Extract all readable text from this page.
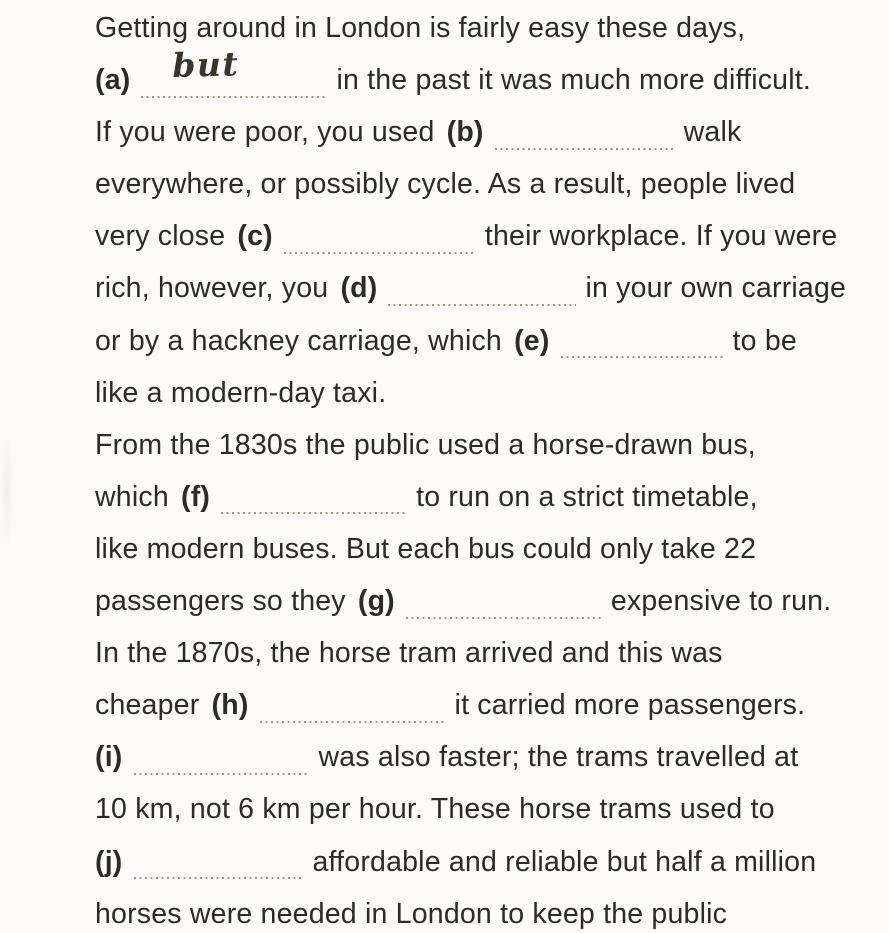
Getting around in London is fairly easy these days,
(a) but	in the past it was much more difficult.
If you were poor, you used (b)	walk
everywhere, or possibly cycle. As a result, people lived
very close (c)	their workplace. If you were
rich, however, you (d)	in your own carriage
or by a hackney carriage, which (e)	to be
like a modern-day taxi.
From the 1830s the public used a horse-drawn bus,
which (f)	to run on a strict timetable,
like modern buses. But each bus could only take 22
passengers so they (g)	expensive to run.
In the 1870s, the horse tram arrived and this was
cheaper (h)	it carried more passengers.
(i)	was also faster; the trams travelled at
10 km, not 6 km per hour. These horse trams used to
(j)	affordable and reliable but half a million
horses were needed in London to keep the public
